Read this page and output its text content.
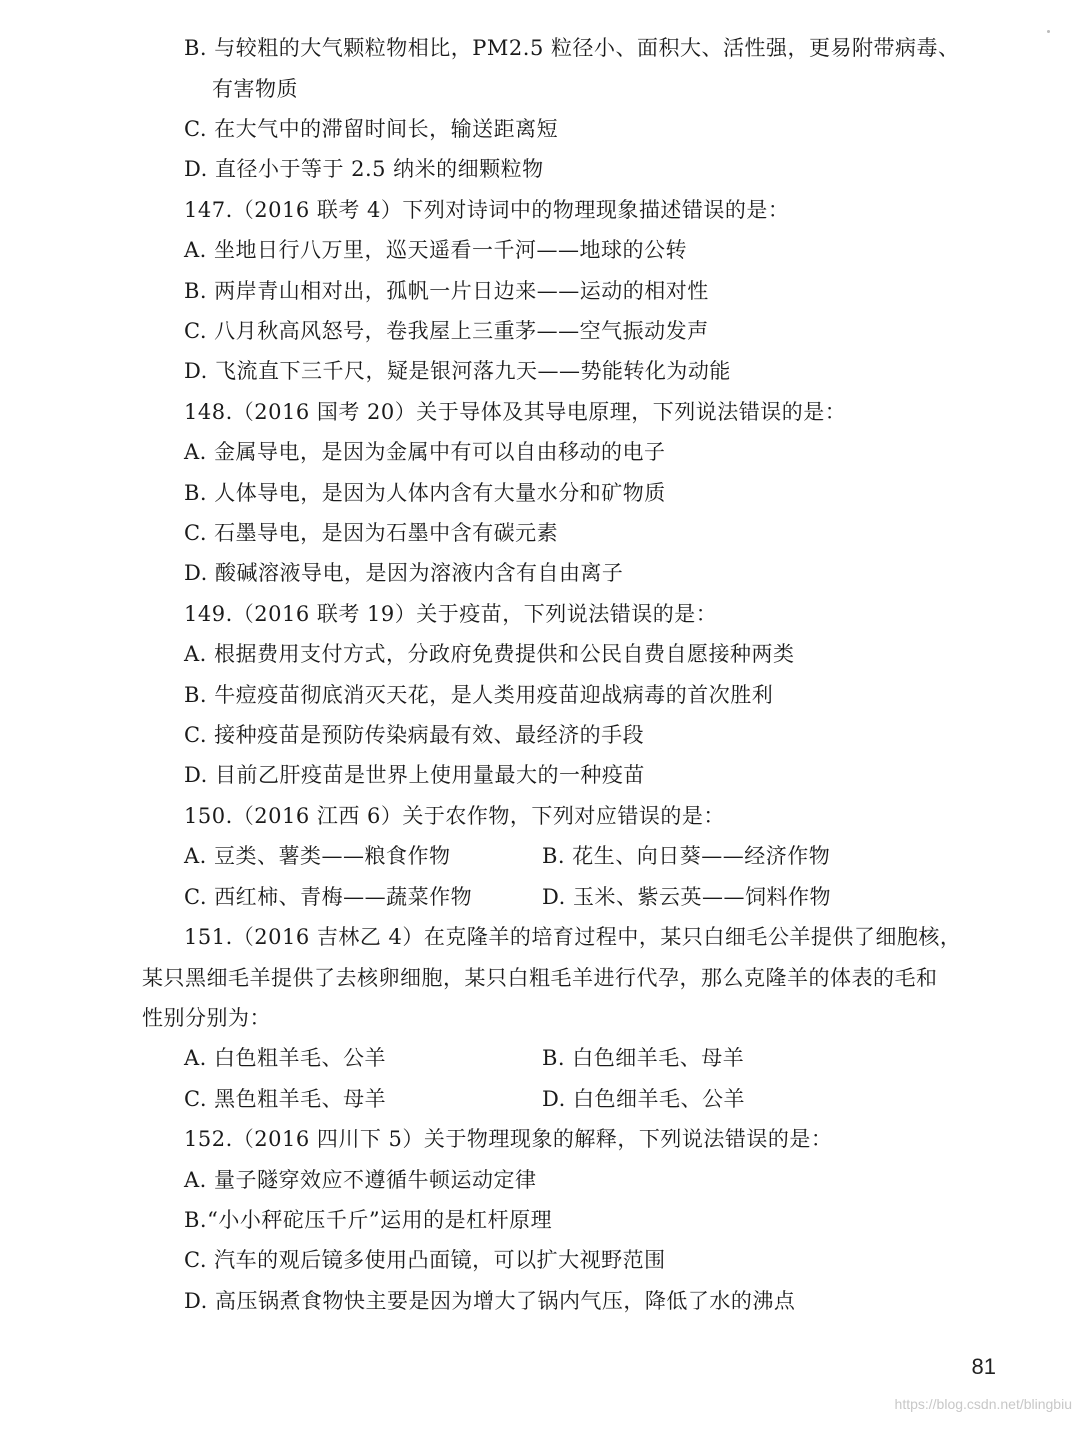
B. 与较粗的大气颗粒物相比，PM2.5 粒径小、面积大、活性强，更易附带病毒、
有害物质
C. 在大气中的滞留时间长，输送距离短
D. 直径小于等于 2.5 纳米的细颗粒物
147.（2016 联考 4）下列对诗词中的物理现象描述错误的是：
A. 坐地日行八万里，巡天遥看一千河——地球的公转
B. 两岸青山相对出，孤帆一片日边来——运动的相对性
C. 八月秋高风怒号，卷我屋上三重茅——空气振动发声
D. 飞流直下三千尺，疑是银河落九天——势能转化为动能
148.（2016 国考 20）关于导体及其导电原理，下列说法错误的是：
A. 金属导电，是因为金属中有可以自由移动的电子
B. 人体导电，是因为人体内含有大量水分和矿物质
C. 石墨导电，是因为石墨中含有碳元素
D. 酸碱溶液导电，是因为溶液内含有自由离子
149.（2016 联考 19）关于疫苗，下列说法错误的是：
A. 根据费用支付方式，分政府免费提供和公民自费自愿接种两类
B. 牛痘疫苗彻底消灭天花，是人类用疫苗迎战病毒的首次胜利
C. 接种疫苗是预防传染病最有效、最经济的手段
D. 目前乙肝疫苗是世界上使用量最大的一种疫苗
150.（2016 江西 6）关于农作物，下列对应错误的是：
A. 豆类、薯类——粮食作物	B. 花生、向日葵——经济作物
C. 西红柿、青梅——蔬菜作物	D. 玉米、紫云英——饲料作物
151.（2016 吉林乙 4）在克隆羊的培育过程中，某只白细毛公羊提供了细胞核，
某只黑细毛羊提供了去核卵细胞，某只白粗毛羊进行代孕，那么克隆羊的体表的毛和
性别分别为：
A. 白色粗羊毛、公羊	B. 白色细羊毛、母羊
C. 黑色粗羊毛、母羊	D. 白色细羊毛、公羊
152.（2016 四川下 5）关于物理现象的解释，下列说法错误的是：
A. 量子隧穿效应不遵循牛顿运动定律
B.“小小秤砣压千斤”运用的是杠杆原理
C. 汽车的观后镜多使用凸面镜，可以扩大视野范围
D. 高压锅煮食物快主要是因为增大了锅内气压，降低了水的沸点
81
https://blog.csdn.net/blingbiu
